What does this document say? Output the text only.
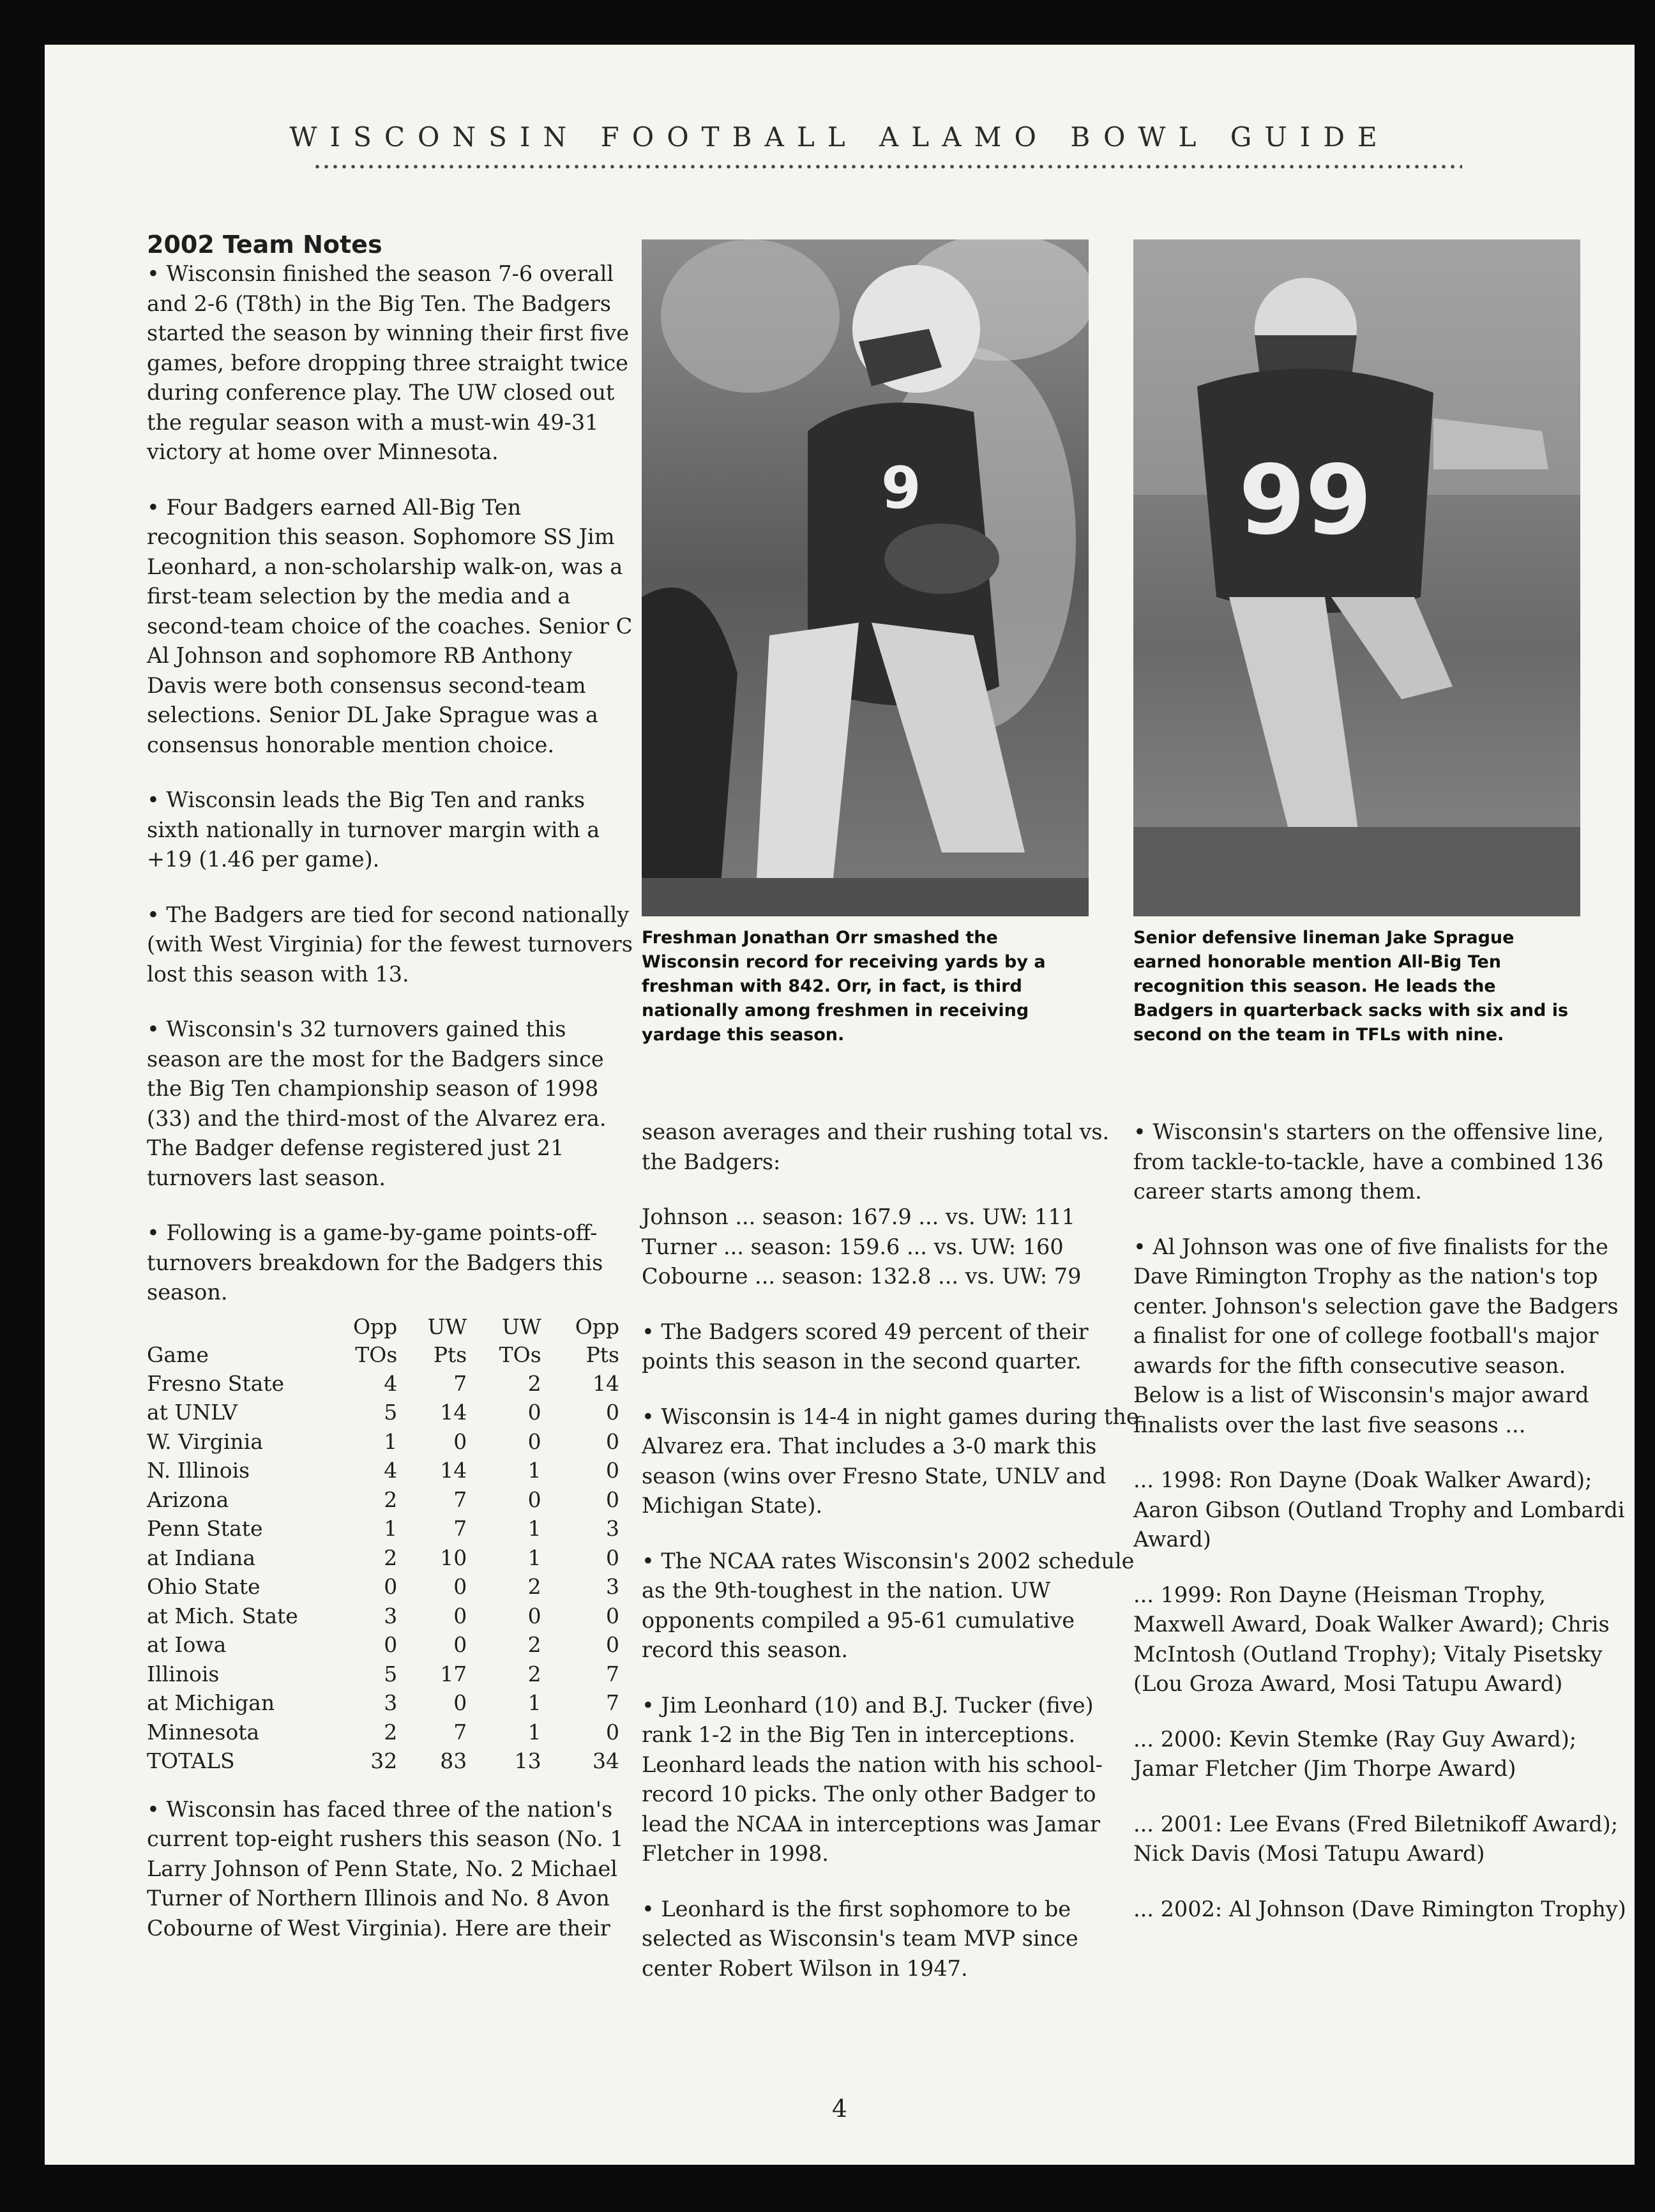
WISCONSIN FOOTBALL ALAMO BOWL GUIDE
2002 Team Notes

• Wisconsin finished the season 7-6 overall and 2-6 (T8th) in the Big Ten. The Badgers started the season by winning their first five games, before dropping three straight twice during conference play. The UW closed out the regular season with a must-win 49-31 victory at home over Minnesota.

• Four Badgers earned All-Big Ten recognition this season. Sophomore SS Jim Leonhard, a non-scholarship walk-on, was a first-team selection by the media and a second-team choice of the coaches. Senior C Al Johnson and sophomore RB Anthony Davis were both consensus second-team selections. Senior DL Jake Sprague was a consensus honorable mention choice.

• Wisconsin leads the Big Ten and ranks sixth nationally in turnover margin with a +19 (1.46 per game).

• The Badgers are tied for second nationally (with West Virginia) for the fewest turnovers lost this season with 13.

• Wisconsin's 32 turnovers gained this season are the most for the Badgers since the Big Ten championship season of 1998 (33) and the third-most of the Alvarez era. The Badger defense registered just 21 turnovers last season.

• Following is a game-by-game points-off-turnovers breakdown for the Badgers this season.

	Opp	UW	UW	Opp
Game	TOs	Pts	TOs	Pts
Fresno State	4	7	2	14
at UNLV	5	14	0	0
W. Virginia	1	0	0	0
N. Illinois	4	14	1	0
Arizona	2	7	0	0
Penn State	1	7	1	3
at Indiana	2	10	1	0
Ohio State	0	0	2	3
at Mich. State	3	0	0	0
at Iowa	0	0	2	0
Illinois	5	17	2	7
at Michigan	3	0	1	7
Minnesota	2	7	1	0
TOTALS	32	83	13	34

• Wisconsin has faced three of the nation's current top-eight rushers this season (No. 1 Larry Johnson of Penn State, No. 2 Michael Turner of Northern Illinois and No. 8 Avon Cobourne of West Virginia). Here are their

9	99
Freshman Jonathan Orr smashed the Wisconsin record for receiving yards by a freshman with 842. Orr, in fact, is third nationally among freshmen in receiving yardage this season.
Senior defensive lineman Jake Sprague earned honorable mention All-Big Ten recognition this season. He leads the Badgers in quarterback sacks with six and is second on the team in TFLs with nine.

season averages and their rushing total vs. the Badgers:

Johnson ... season: 167.9 ... vs. UW: 111
Turner ... season: 159.6 ... vs. UW: 160
Cobourne ... season: 132.8 ... vs. UW: 79

• The Badgers scored 49 percent of their points this season in the second quarter.

• Wisconsin is 14-4 in night games during the Alvarez era. That includes a 3-0 mark this season (wins over Fresno State, UNLV and Michigan State).

• The NCAA rates Wisconsin's 2002 schedule as the 9th-toughest in the nation. UW opponents compiled a 95-61 cumulative record this season.

• Jim Leonhard (10) and B.J. Tucker (five) rank 1-2 in the Big Ten in interceptions. Leonhard leads the nation with his school-record 10 picks. The only other Badger to lead the NCAA in interceptions was Jamar Fletcher in 1998.

• Leonhard is the first sophomore to be selected as Wisconsin's team MVP since center Robert Wilson in 1947.

• Wisconsin's starters on the offensive line, from tackle-to-tackle, have a combined 136 career starts among them.

• Al Johnson was one of five finalists for the Dave Rimington Trophy as the nation's top center. Johnson's selection gave the Badgers a finalist for one of college football's major awards for the fifth consecutive season. Below is a list of Wisconsin's major award finalists over the last five seasons ...

... 1998: Ron Dayne (Doak Walker Award); Aaron Gibson (Outland Trophy and Lombardi Award)

... 1999: Ron Dayne (Heisman Trophy, Maxwell Award, Doak Walker Award); Chris McIntosh (Outland Trophy); Vitaly Pisetsky (Lou Groza Award, Mosi Tatupu Award)

... 2000: Kevin Stemke (Ray Guy Award); Jamar Fletcher (Jim Thorpe Award)

... 2001: Lee Evans (Fred Biletnikoff Award); Nick Davis (Mosi Tatupu Award)

... 2002: Al Johnson (Dave Rimington Trophy)

4
